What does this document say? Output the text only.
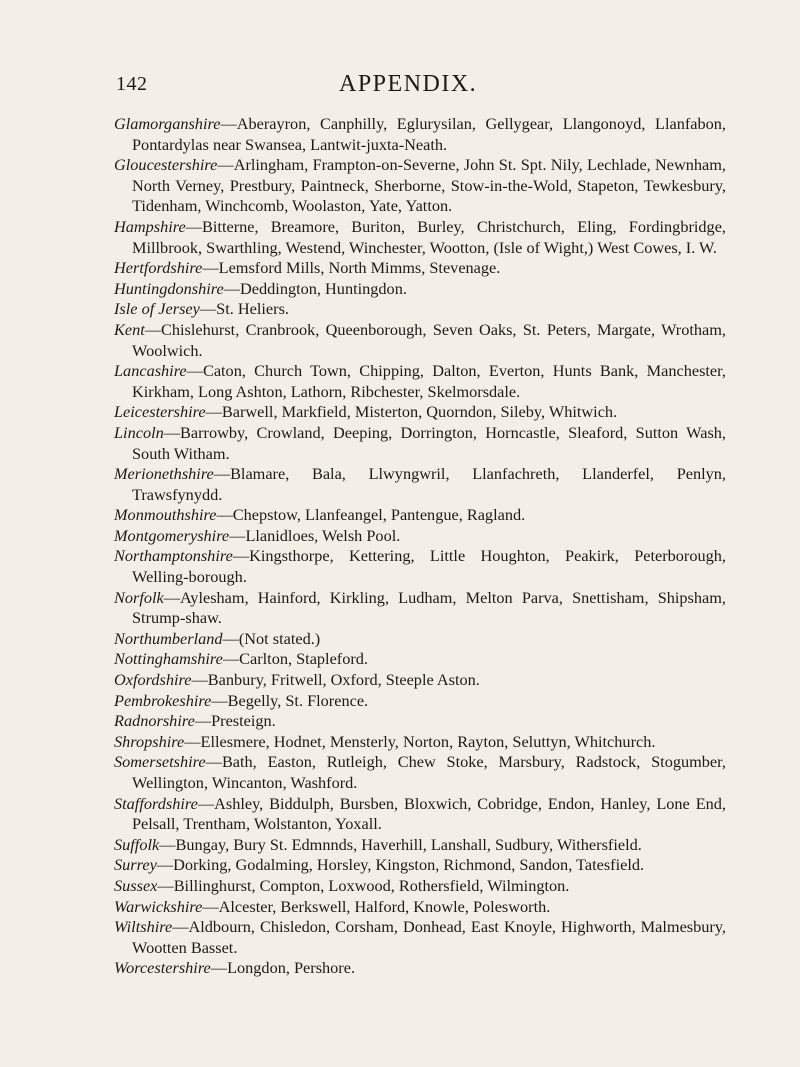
142	APPENDIX.

Glamorganshire—Aberayron, Canphilly, Eglurysilan, Gellygear, Llangonoyd, Llanfabon, Pontardylas near Swansea, Lantwit-juxta-Neath.

Gloucestershire—Arlingham, Frampton-on-Severne, John St. Spt. Nily, Lechlade, Newnham, North Verney, Prestbury, Paintneck, Sherborne, Stow-in-the-Wold, Stapeton, Tewkesbury, Tidenham, Winchcomb, Woolaston, Yate, Yatton.

Hampshire—Bitterne, Breamore, Buriton, Burley, Christchurch, Eling, Fordingbridge, Millbrook, Swarthling, Westend, Winchester, Wootton, (Isle of Wight,) West Cowes, I. W.

Hertfordshire—Lemsford Mills, North Mimms, Stevenage.

Huntingdonshire—Deddington, Huntingdon.

Isle of Jersey—St. Heliers.

Kent—Chislehurst, Cranbrook, Queenborough, Seven Oaks, St. Peters, Margate, Wrotham, Woolwich.

Lancashire—Caton, Church Town, Chipping, Dalton, Everton, Hunts Bank, Manchester, Kirkham, Long Ashton, Lathorn, Ribchester, Skelmorsdale.

Leicestershire—Barwell, Markfield, Misterton, Quorndon, Sileby, Whitwich.

Lincoln—Barrowby, Crowland, Deeping, Dorrington, Horncastle, Sleaford, Sutton Wash, South Witham.

Merionethshire—Blamare, Bala, Llwyngwril, Llanfachreth, Llanderfel, Penlyn, Trawsfynydd.

Monmouthshire—Chepstow, Llanfeangel, Pantengue, Ragland.

Montgomeryshire—Llanidloes, Welsh Pool.

Northamptonshire—Kingsthorpe, Kettering, Little Houghton, Peakirk, Peterborough, Welling-borough.

Norfolk—Aylesham, Hainford, Kirkling, Ludham, Melton Parva, Snettisham, Shipsham, Strump-shaw.

Northumberland—(Not stated.)

Nottinghamshire—Carlton, Stapleford.

Oxfordshire—Banbury, Fritwell, Oxford, Steeple Aston.

Pembrokeshire—Begelly, St. Florence.

Radnorshire—Presteign.

Shropshire—Ellesmere, Hodnet, Mensterly, Norton, Rayton, Seluttyn, Whitchurch.

Somersetshire—Bath, Easton, Rutleigh, Chew Stoke, Marsbury, Radstock, Stogumber, Wellington, Wincanton, Washford.

Staffordshire—Ashley, Biddulph, Bursben, Bloxwich, Cobridge, Endon, Hanley, Lone End, Pelsall, Trentham, Wolstanton, Yoxall.

Suffolk—Bungay, Bury St. Edmnnds, Haverhill, Lanshall, Sudbury, Withersfield.

Surrey—Dorking, Godalming, Horsley, Kingston, Richmond, Sandon, Tatesfield.

Sussex—Billinghurst, Compton, Loxwood, Rothersfield, Wilmington.

Warwickshire—Alcester, Berkswell, Halford, Knowle, Polesworth.

Wiltshire—Aldbourn, Chisledon, Corsham, Donhead, East Knoyle, Highworth, Malmesbury, Wootten Basset.

Worcestershire—Longdon, Pershore.
